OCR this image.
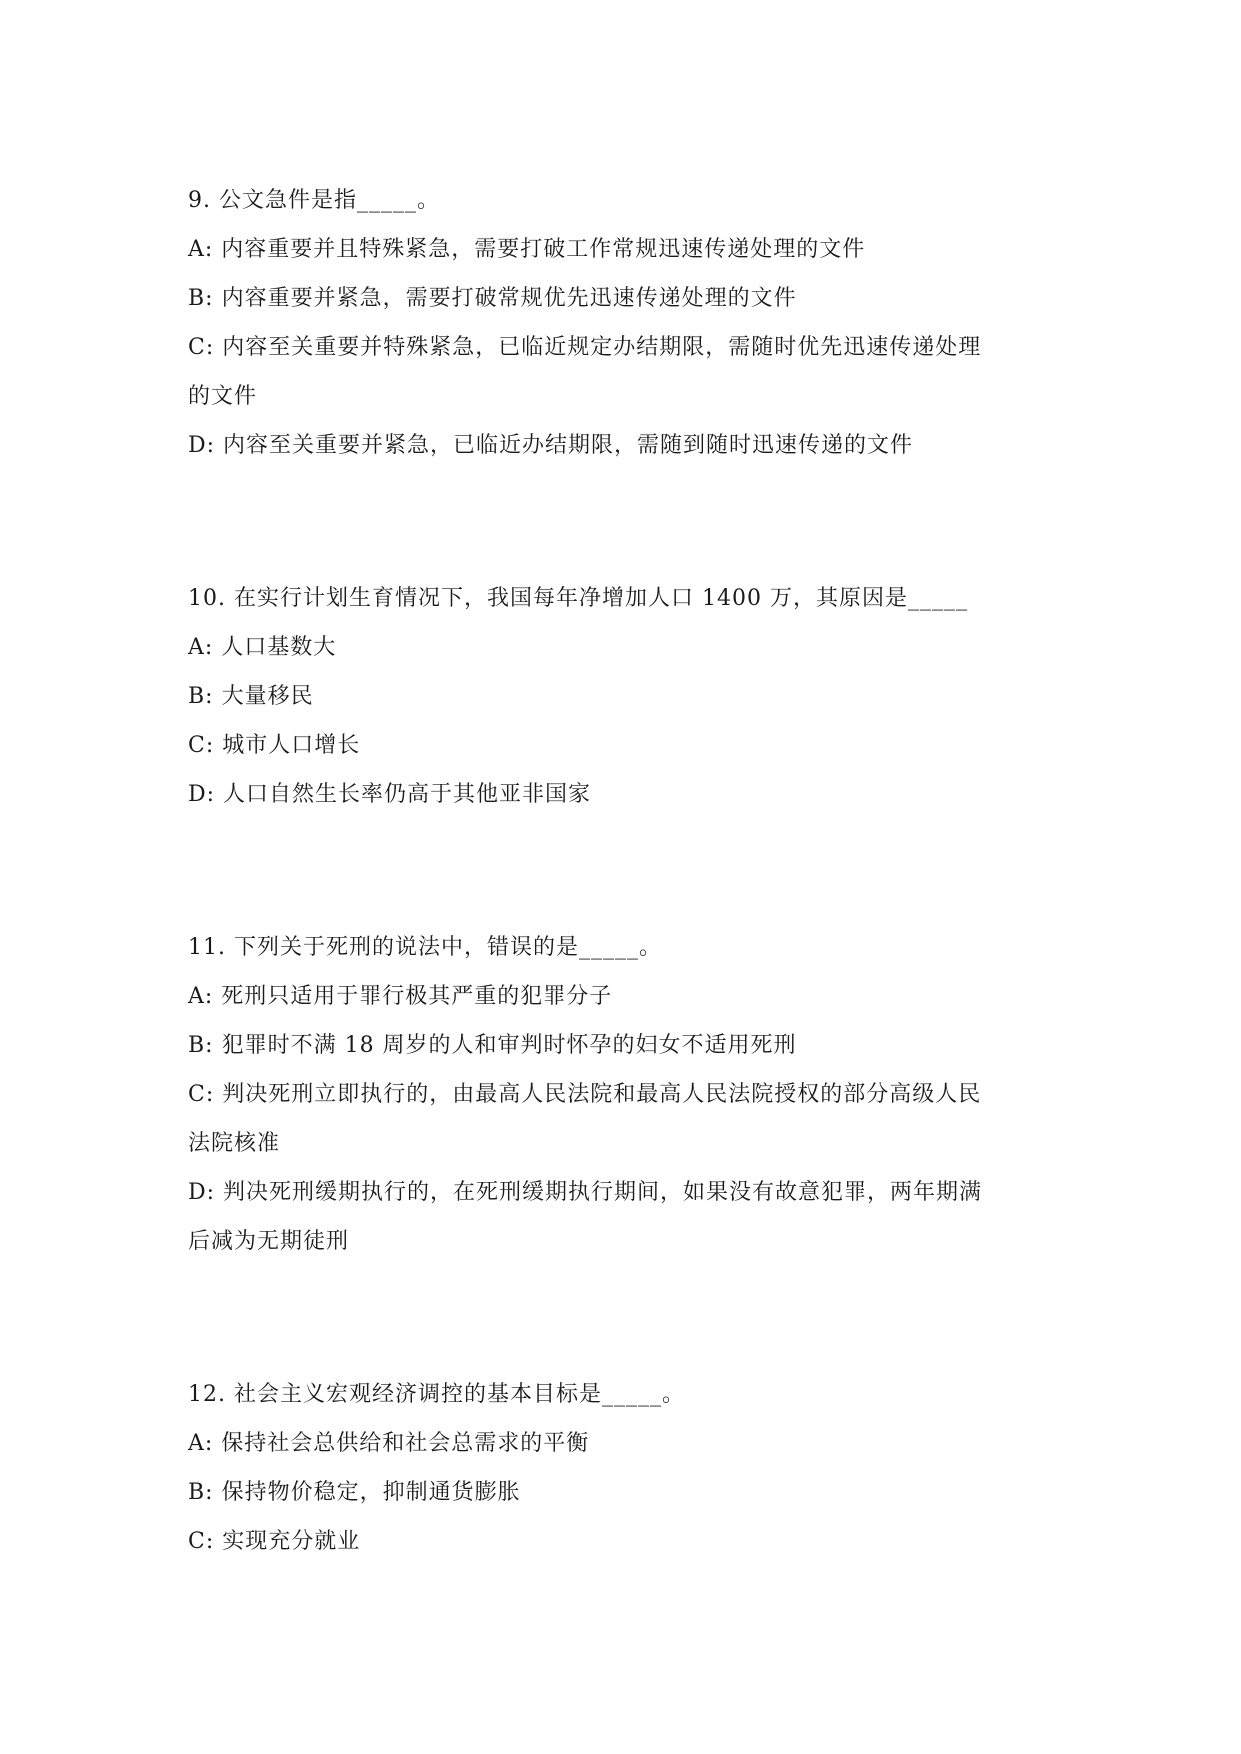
9. 公文急件是指_____。
A: 内容重要并且特殊紧急，需要打破工作常规迅速传递处理的文件
B: 内容重要并紧急，需要打破常规优先迅速传递处理的文件
C: 内容至关重要并特殊紧急，已临近规定办结期限，需随时优先迅速传递处理
的文件
D: 内容至关重要并紧急，已临近办结期限，需随到随时迅速传递的文件
10. 在实行计划生育情况下，我国每年净增加人口 1400 万，其原因是_____
A: 人口基数大
B: 大量移民
C: 城市人口增长
D: 人口自然生长率仍高于其他亚非国家
11. 下列关于死刑的说法中，错误的是_____。
A: 死刑只适用于罪行极其严重的犯罪分子
B: 犯罪时不满 18 周岁的人和审判时怀孕的妇女不适用死刑
C: 判决死刑立即执行的，由最高人民法院和最高人民法院授权的部分高级人民
法院核准
D: 判决死刑缓期执行的，在死刑缓期执行期间，如果没有故意犯罪，两年期满
后减为无期徒刑
12. 社会主义宏观经济调控的基本目标是_____。
A: 保持社会总供给和社会总需求的平衡
B: 保持物价稳定，抑制通货膨胀
C: 实现充分就业
